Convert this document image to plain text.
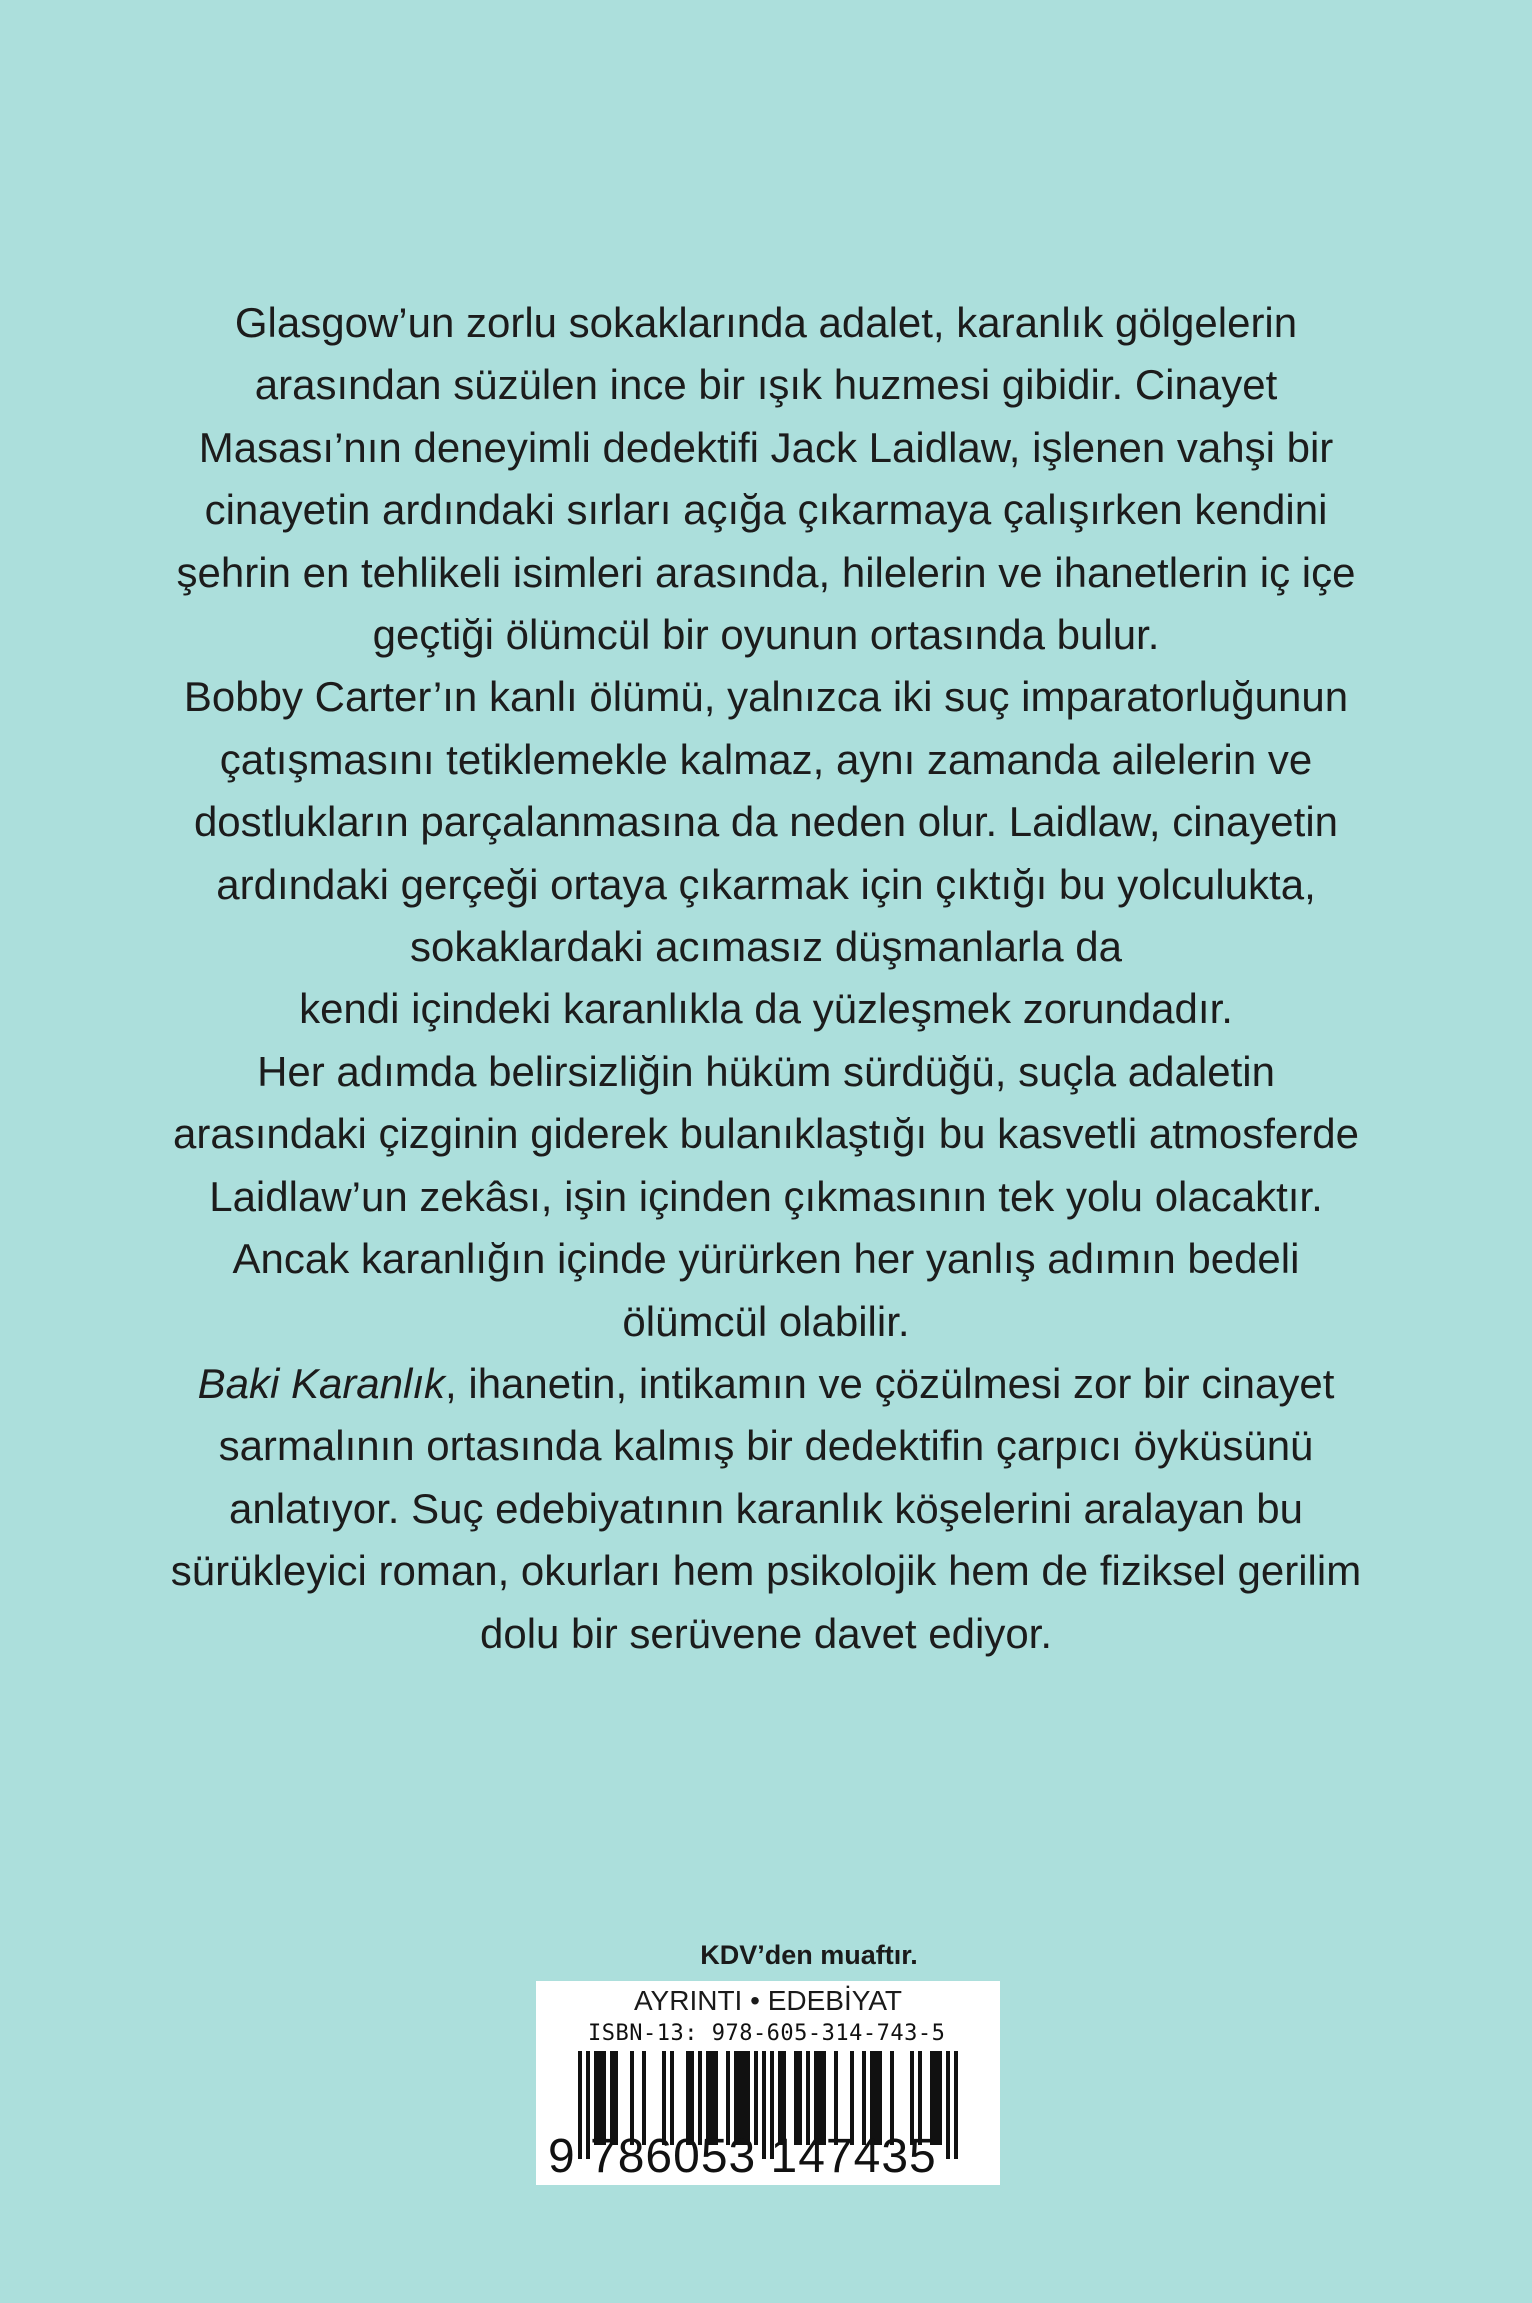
Glasgow’un zorlu sokaklarında adalet, karanlık gölgelerin
arasından süzülen ince bir ışık huzmesi gibidir. Cinayet
Masası’nın deneyimli dedektifi Jack Laidlaw, işlenen vahşi bir
cinayetin ardındaki sırları açığa çıkarmaya çalışırken kendini
şehrin en tehlikeli isimleri arasında, hilelerin ve ihanetlerin iç içe
geçtiği ölümcül bir oyunun ortasında bulur.
Bobby Carter’ın kanlı ölümü, yalnızca iki suç imparatorluğunun
çatışmasını tetiklemekle kalmaz, aynı zamanda ailelerin ve
dostlukların parçalanmasına da neden olur. Laidlaw, cinayetin
ardındaki gerçeği ortaya çıkarmak için çıktığı bu yolculukta,
sokaklardaki acımasız düşmanlarla da
kendi içindeki karanlıkla da yüzleşmek zorundadır.
Her adımda belirsizliğin hüküm sürdüğü, suçla adaletin
arasındaki çizginin giderek bulanıklaştığı bu kasvetli atmosferde
Laidlaw’un zekâsı, işin içinden çıkmasının tek yolu olacaktır.
Ancak karanlığın içinde yürürken her yanlış adımın bedeli
ölümcül olabilir.
Baki Karanlık, ihanetin, intikamın ve çözülmesi zor bir cinayet
sarmalının ortasında kalmış bir dedektifin çarpıcı öyküsünü
anlatıyor. Suç edebiyatının karanlık köşelerini aralayan bu
sürükleyici roman, okurları hem psikolojik hem de fiziksel gerilim
dolu bir serüvene davet ediyor.
KDV’den muaftır.
AYRINTI • EDEBİYAT
ISBN-13: 978-605-314-743-5
9 786053 147435
